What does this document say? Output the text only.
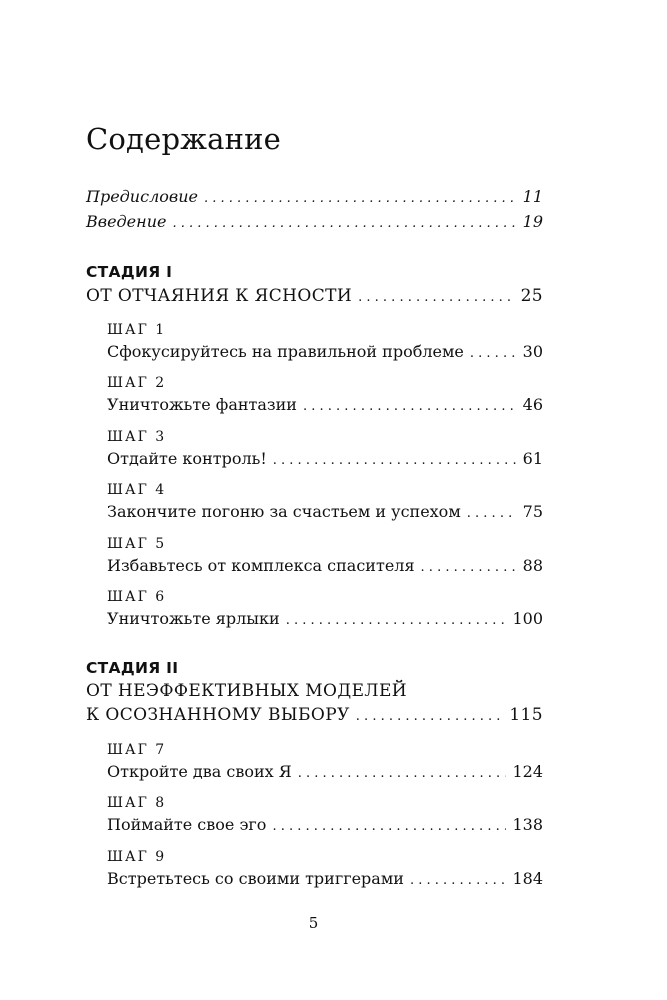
Содержание
Предисловие . . .	11
Введение . . .	19
СТАДИЯ I
ОТ ОТЧАЯНИЯ К ЯСНОСТИ . . .	25
ШАГ 1
Сфокусируйтесь на правильной проблеме . . .	30
ШАГ 2
Уничтожьте фантазии . . .	46
ШАГ 3
Отдайте контроль! . . .	61
ШАГ 4
Закончите погоню за счастьем и успехом . . .	75
ШАГ 5
Избавьтесь от комплекса спасителя . . .	88
ШАГ 6
Уничтожьте ярлыки . . .	100
СТАДИЯ II
ОТ НЕЭФФЕКТИВНЫХ МОДЕЛЕЙ
К ОСОЗНАННОМУ ВЫБОРУ . . .	115
ШАГ 7
Откройте два своих Я . . .	124
ШАГ 8
Поймайте свое эго . . .	138
ШАГ 9
Встретьтесь со своими триггерами . . .	184
5
